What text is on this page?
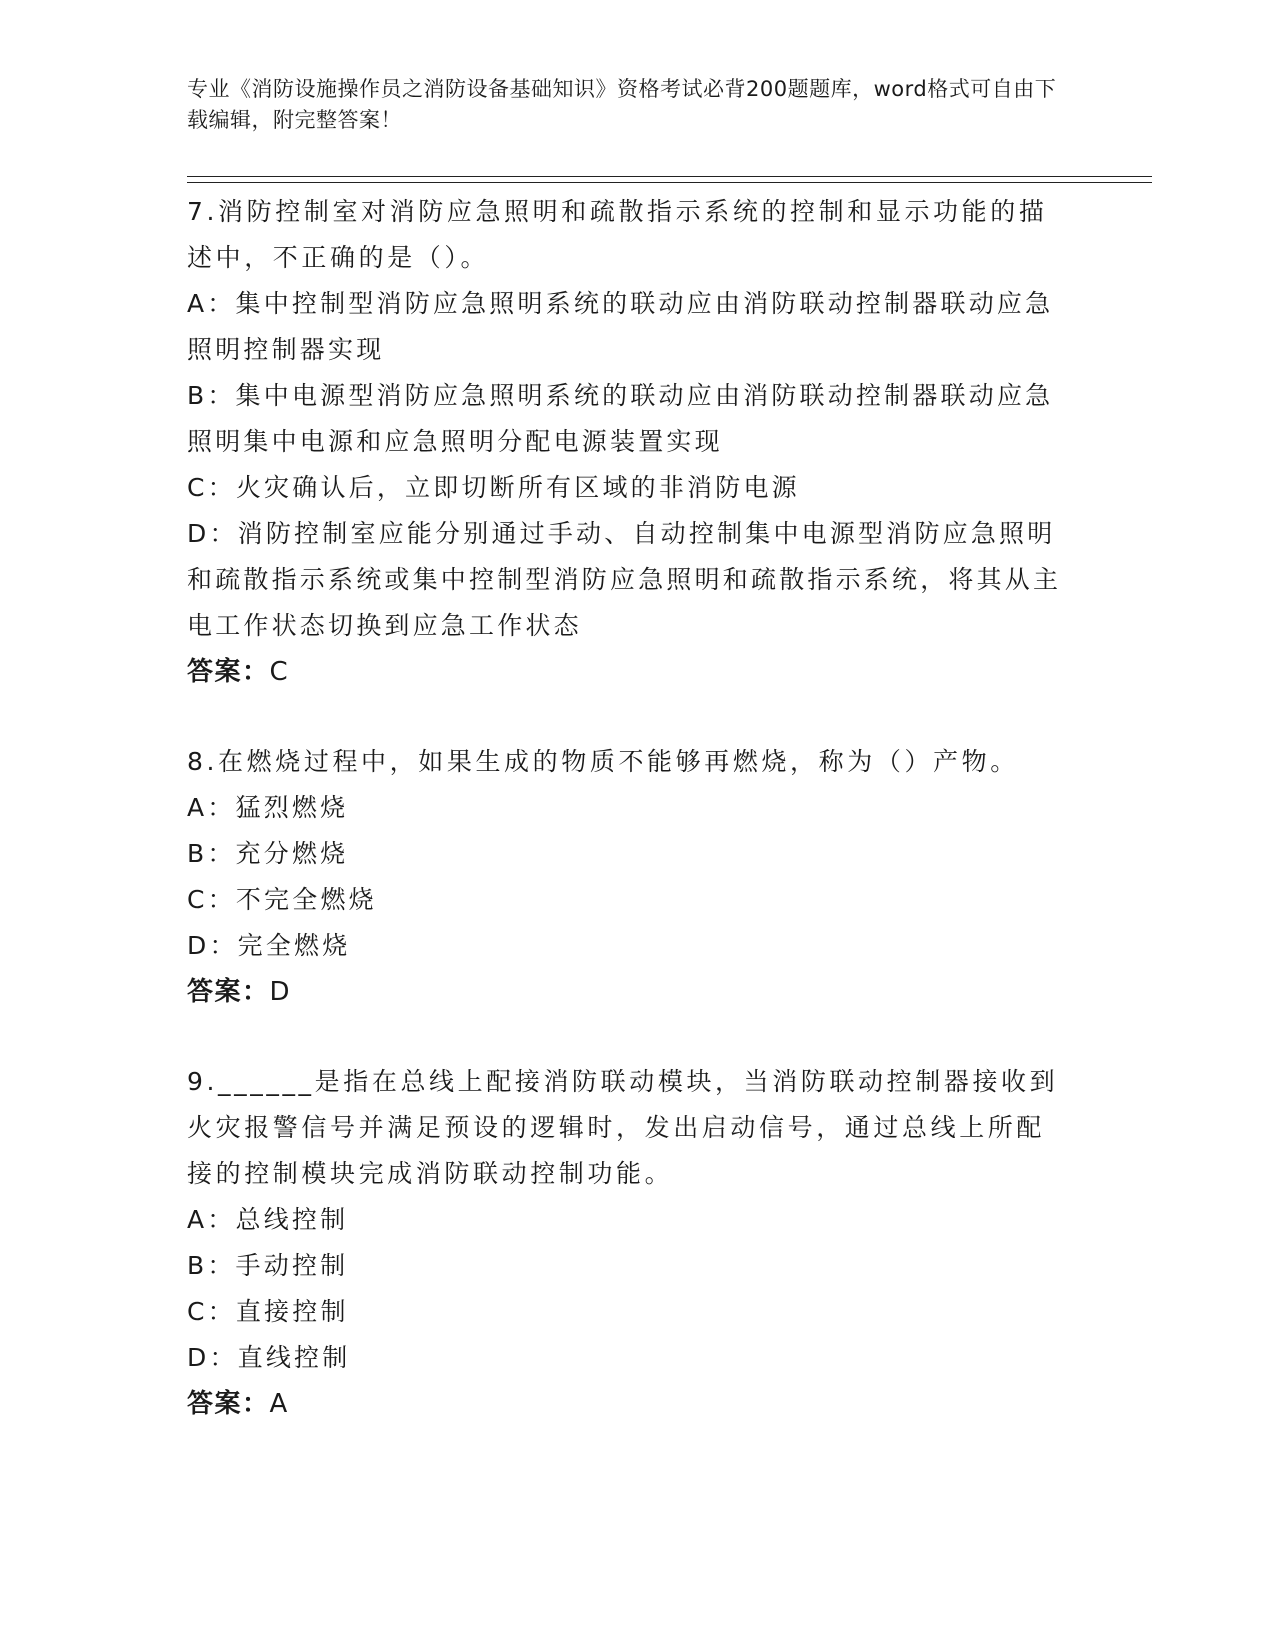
专业《消防设施操作员之消防设备基础知识》资格考试必背200题题库，word格式可自由下载编辑，附完整答案！

7.消防控制室对消防应急照明和疏散指示系统的控制和显示功能的描述中，不正确的是（）。

A：集中控制型消防应急照明系统的联动应由消防联动控制器联动应急照明控制器实现

B：集中电源型消防应急照明系统的联动应由消防联动控制器联动应急照明集中电源和应急照明分配电源装置实现

C：火灾确认后，立即切断所有区域的非消防电源

D：消防控制室应能分别通过手动、自动控制集中电源型消防应急照明和疏散指示系统或集中控制型消防应急照明和疏散指示系统，将其从主电工作状态切换到应急工作状态

答案：C

8.在燃烧过程中，如果生成的物质不能够再燃烧，称为（）产物。

A：猛烈燃烧

B：充分燃烧

C：不完全燃烧

D：完全燃烧

答案：D

9.______是指在总线上配接消防联动模块，当消防联动控制器接收到火灾报警信号并满足预设的逻辑时，发出启动信号，通过总线上所配接的控制模块完成消防联动控制功能。

A：总线控制

B：手动控制

C：直接控制

D：直线控制

答案：A
